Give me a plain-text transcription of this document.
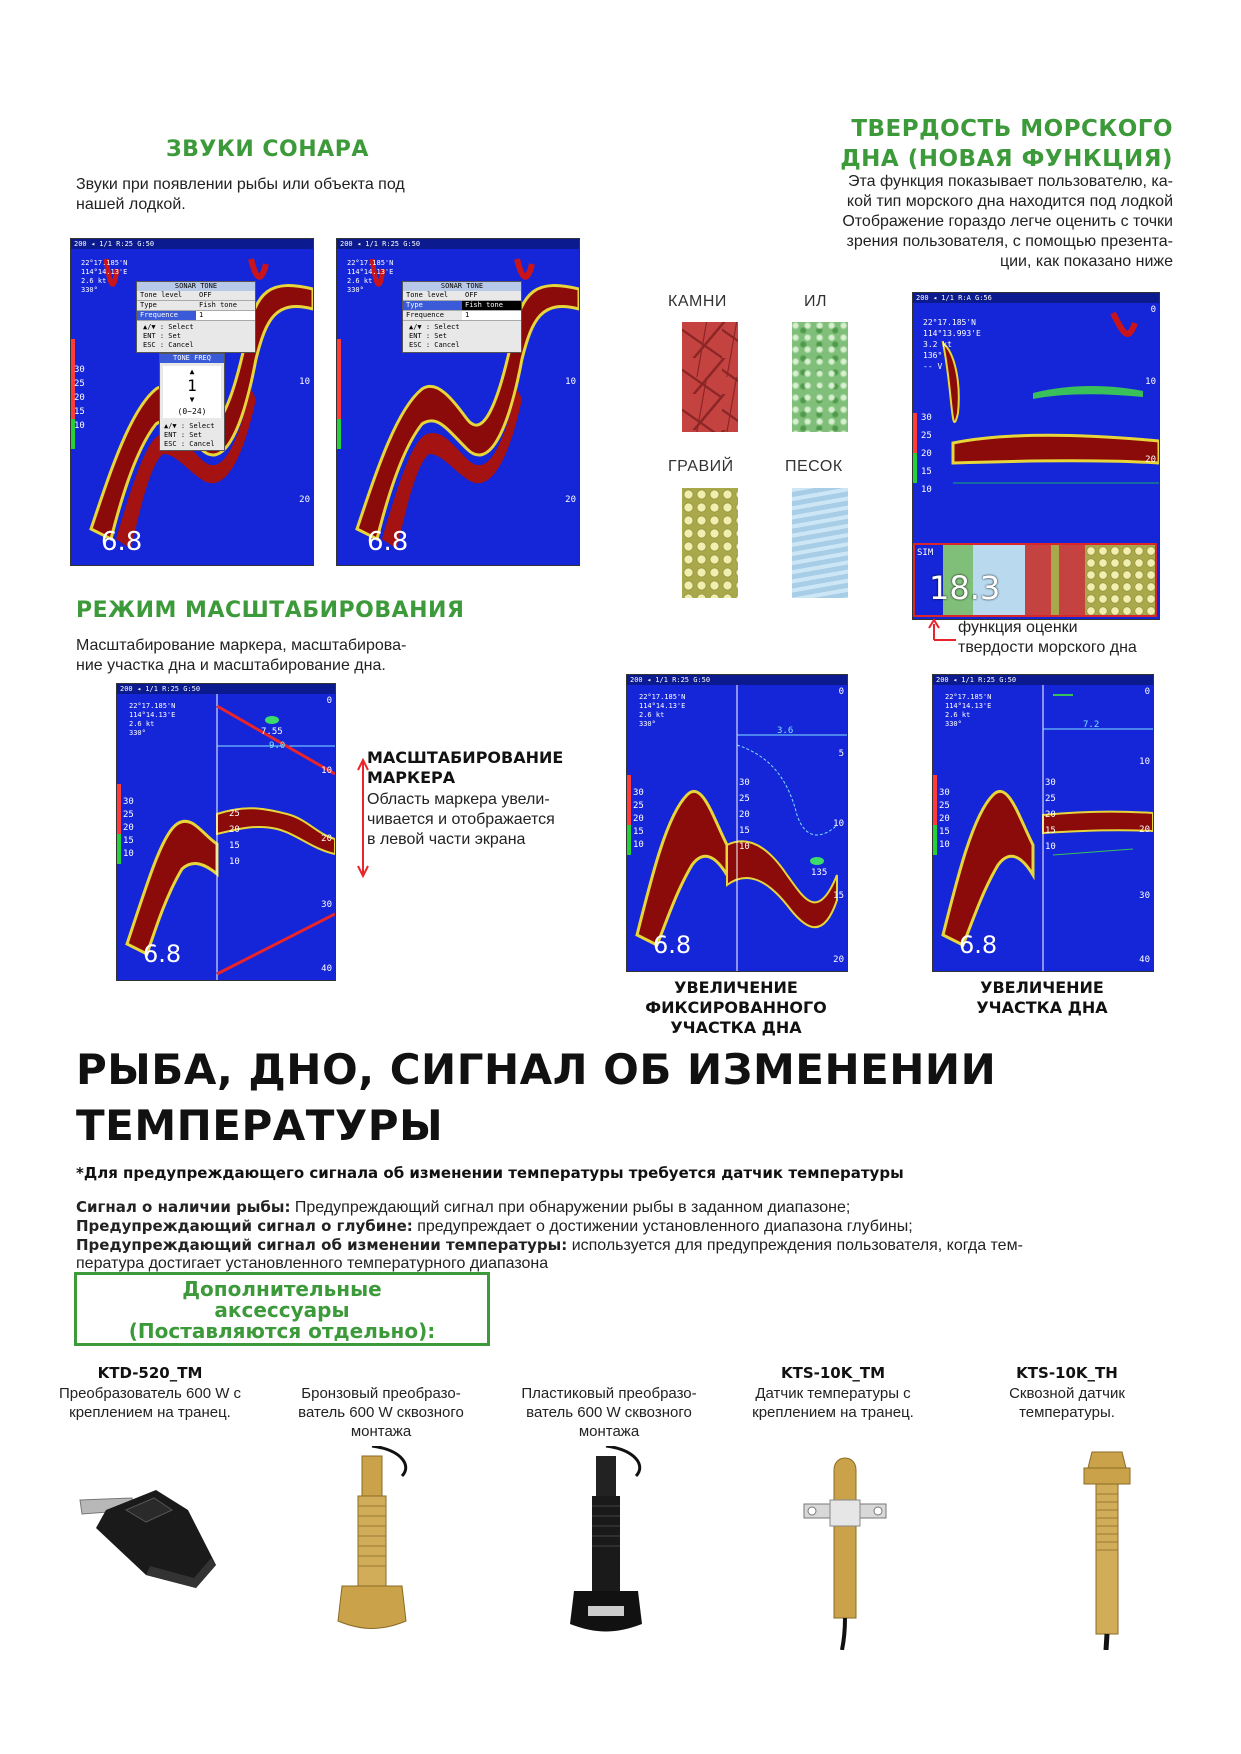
ЗВУКИ СОНАРА
Звуки при появлении рыбы или объекта под
нашей лодкой.
200 ◂ 1/1 R:25 G:50
22°17.185'N
114°14.13'E
2.6 kt
330°
30
25
20
15
10
10
20
SONAR TONE
Tone level	OFF
Type	Fish tone
Frequence	1
▲/▼ : Select
ENT : Set
ESC : Cancel
TONE FREQ
▲
1
▼
(0~24)
▲/▼ : Select
ENT : Set
ESC : Cancel
6.8
200 ◂ 1/1 R:25 G:50
22°17.185'N
114°14.13'E
2.6 kt
330°
10
20
SONAR TONE
Tone level	OFF
Type	Fish tone
Frequence	1
▲/▼ : Select
ENT : Set
ESC : Cancel
6.8
ТВЕРДОСТЬ МОРСКОГО
ДНА (НОВАЯ ФУНКЦИЯ)
Эта функция показывает пользователю, ка-
кой тип морского дна находится под лодкой
Отображение гораздо легче оценить с точки
зрения пользователя, с помощью презента-
ции, как показано ниже
КАМНИ	ИЛ
ГРАВИЙ	ПЕСОК
200 ◂ 1/1 R:A G:56
22°17.185'N
114°13.993'E
3.2 kt
136°
-- V
30
25
20
15
10
0
10
20
SIM
18.3
функция оценки
твердости морского дна
РЕЖИМ МАСШТАБИРОВАНИЯ
Масштабирование маркера, масштабирова-
ние участка дна и масштабирование дна.
200 ◂ 1/1 R:25 G:50
22°17.185'N
114°14.13'E
2.6 kt
330°	7.55
9.0
30
25
20
15
10
25
20
15
10
0
10
20
30
40
6.8
МАСШТАБИРОВАНИЕ
МАРКЕРА
Область маркера увели-
чивается и отображается
в левой части экрана
200 ◂ 1/1 R:25 G:50
22°17.185'N
114°14.13'E
2.6 kt
330°
3.6
135
30
25
20
15
10
30
25
20
15
10
0
5
10
15
20
6.8
200 ◂ 1/1 R:25 G:50
22°17.185'N
114°14.13'E
2.6 kt
330°	7.2
30
25
20
15
10
30
25
20
15
10
0
10
20
30
40
6.8
УВЕЛИЧЕНИЕ
ФИКСИРОВАННОГО
УЧАСТКА ДНА
УВЕЛИЧЕНИЕ
УЧАСТКА ДНА
РЫБА, ДНО, СИГНАЛ ОБ ИЗМЕНЕНИИ
ТЕМПЕРАТУРЫ
*Для предупреждающего сигнала об изменении температуры требуется датчик температуры
Сигнал о наличии рыбы: Предупреждающий сигнал при обнаружении рыбы в заданном диапазоне;
Предупреждающий сигнал о глубине: предупреждает о достижении установленного диапазона глубины;
Предупреждающий сигнал об изменении температуры: используется для предупреждения пользователя, когда тем-
пература достигает установленного температурного диапазона
Дополнительные
аксессуары
(Поставляются отдельно):
KTD-520_TM
Преобразователь 600 W с
креплением на транец.
Бронзовый преобразо-
ватель 600 W сквозного
монтажа
Пластиковый преобразо-
ватель 600 W сквозного
монтажа
KTS-10K_TM
Датчик температуры с
креплением на транец.
KTS-10K_TH
Сквозной датчик
температуры.
